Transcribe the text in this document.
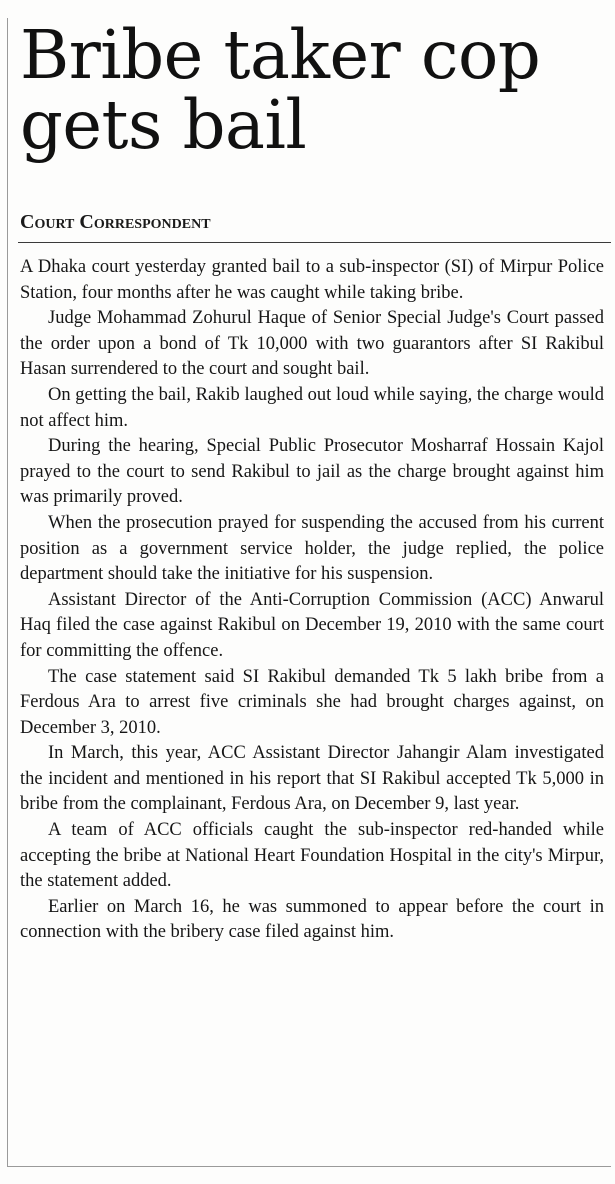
Bribe taker cop gets bail
Court Correspondent

A Dhaka court yesterday granted bail to a sub-inspector (SI) of Mirpur Police Station, four months after he was caught while taking bribe.

Judge Mohammad Zohurul Haque of Senior Special Judge's Court passed the order upon a bond of Tk 10,000 with two guarantors after SI Rakibul Hasan surrendered to the court and sought bail.

On getting the bail, Rakib laughed out loud while saying, the charge would not affect him.

During the hearing, Special Public Prosecutor Mosharraf Hossain Kajol prayed to the court to send Rakibul to jail as the charge brought against him was primarily proved.

When the prosecution prayed for suspending the accused from his current position as a government service holder, the judge replied, the police department should take the initiative for his suspension.

Assistant Director of the Anti-Corruption Commission (ACC) Anwarul Haq filed the case against Rakibul on December 19, 2010 with the same court for committing the offence.

The case statement said SI Rakibul demanded Tk 5 lakh bribe from a Ferdous Ara to arrest five criminals she had brought charges against, on December 3, 2010.

In March, this year, ACC Assistant Director Jahangir Alam investigated the incident and mentioned in his report that SI Rakibul accepted Tk 5,000 in bribe from the complainant, Ferdous Ara, on December 9, last year.

A team of ACC officials caught the sub-inspector red-handed while accepting the bribe at National Heart Foundation Hospital in the city's Mirpur, the statement added.

Earlier on March 16, he was summoned to appear before the court in connection with the bribery case filed against him.
